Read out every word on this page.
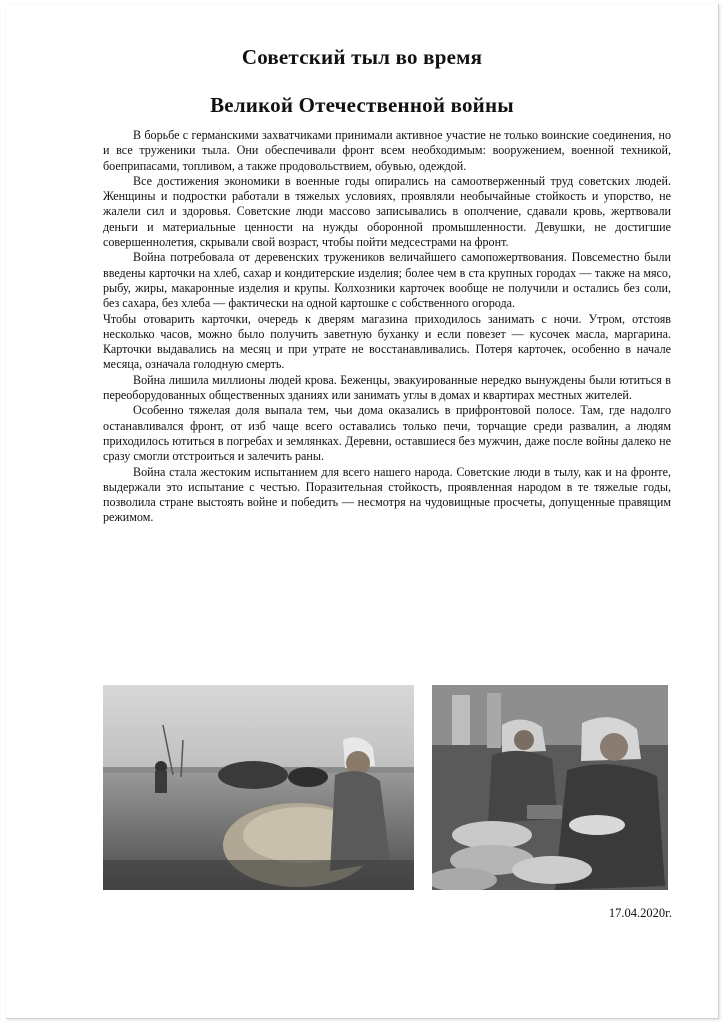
Советский тыл во время
Великой Отечественной войны

В борьбе с германскими захватчиками принимали активное участие не только воинские соединения, но и все труженики тыла. Они обеспечивали фронт всем необходимым: вооружением, военной техникой, боеприпасами, топливом, а также продовольствием, обувью, одеждой.

Все достижения экономики в военные годы опирались на самоотверженный труд советских людей. Женщины и подростки работали в тяжелых условиях, проявляли необычайные стойкость и упорство, не жалели сил и здоровья. Советские люди массово записывались в ополчение, сдавали кровь, жертвовали деньги и материальные ценности на нужды оборонной промышленности. Девушки, не достигшие совершеннолетия, скрывали свой возраст, чтобы пойти медсестрами на фронт.

Война потребовала от деревенских тружеников величайшего самопожертвования. Повсеместно были введены карточки на хлеб, сахар и кондитерские изделия; более чем в ста крупных городах — также на мясо, рыбу, жиры, макаронные изделия и крупы. Колхозники карточек вообще не получили и остались без соли, без сахара, без хлеба — фактически на одной картошке с собственного огорода.

Чтобы отоварить карточки, очередь к дверям магазина приходилось занимать с ночи. Утром, отстояв несколько часов, можно было получить заветную буханку и если повезет — кусочек масла, маргарина. Карточки выдавались на месяц и при утрате не восстанавливались. Потеря карточек, особенно в начале месяца, означала голодную смерть.

Война лишила миллионы людей крова. Беженцы, эвакуированные нередко вынуждены были ютиться в переоборудованных общественных зданиях или занимать углы в домах и квартирах местных жителей.

Особенно тяжелая доля выпала тем, чьи дома оказались в прифронтовой полосе. Там, где надолго останавливался фронт, от изб чаще всего оставались только печи, торчащие среди развалин, а людям приходилось ютиться в погребах и землянках. Деревни, оставшиеся без мужчин, даже после войны далеко не сразу смогли отстроиться и залечить раны.

Война стала жестоким испытанием для всего нашего народа. Советские люди в тылу, как и на фронте, выдержали это испытание с честью. Поразительная стойкость, проявленная народом в те тяжелые годы, позволила стране выстоять войне и победить — несмотря на чудовищные просчеты, допущенные правящим режимом.

17.04.2020г.
